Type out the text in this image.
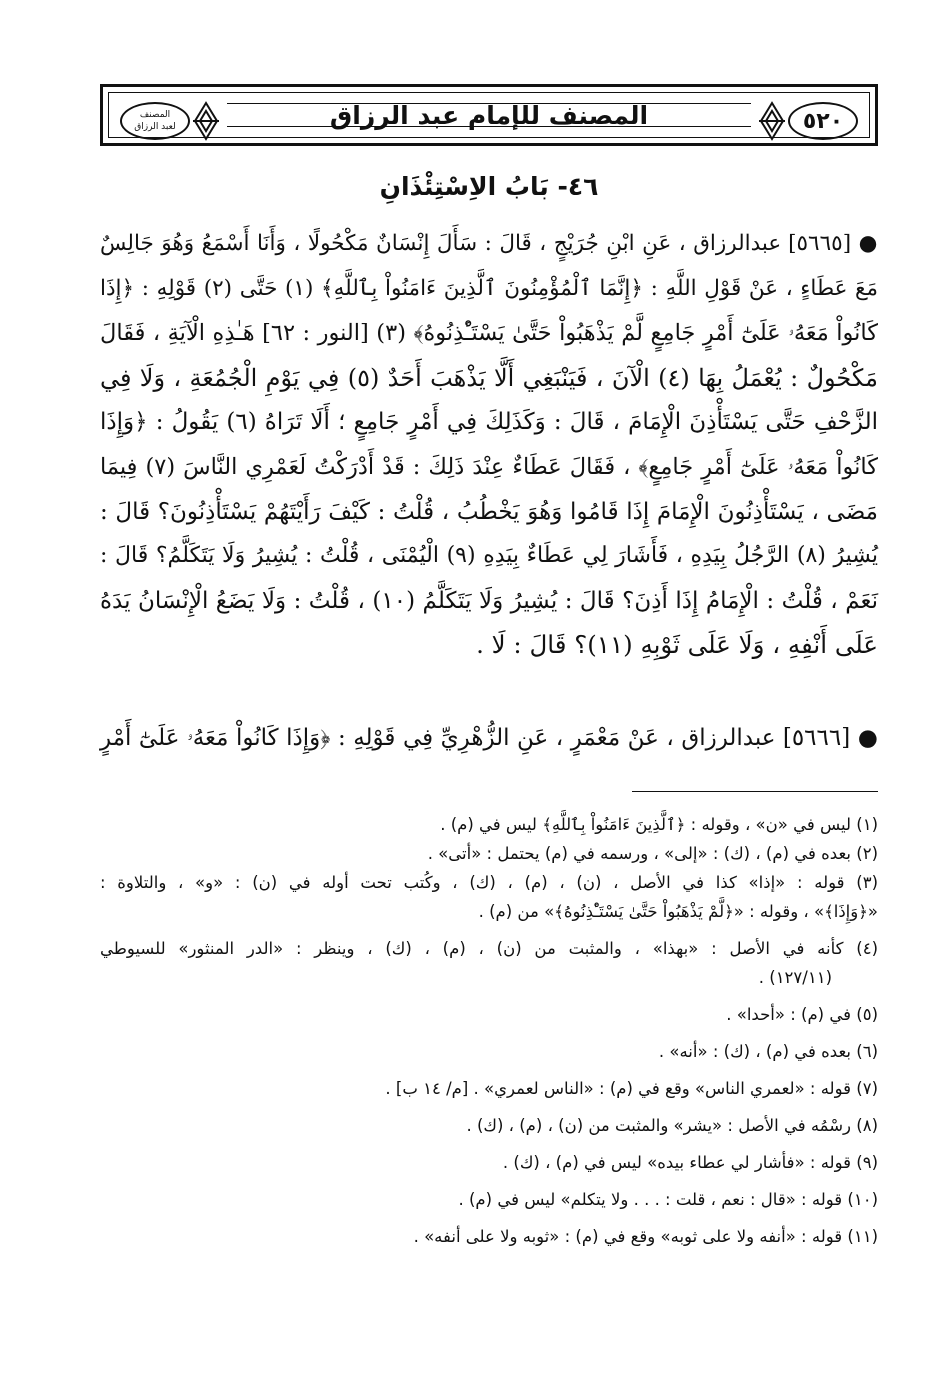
٥٢٠
المصنف للإمام عبد الرزاق
المصنف
لعبد الرزاق
٤٦- بَابُ الاِسْتِئْذَانِ
● [٥٦٦٥] عبدالرزاق ، عَنِ ابْنِ جُرَيْجٍ ، قَالَ : سَأَلَ إِنْسَانٌ مَكْحُولًا ، وَأَنَا أَسْمَعُ وَهُوَ جَالِسٌ
مَعَ عَطَاءٍ ، عَنْ قَوْلِ اللَّهِ : ﴿إِنَّمَا ٱلْمُؤْمِنُونَ ٱلَّذِينَ ءَامَنُواْ بِٱللَّهِ﴾ (١) حَتَّى (٢) قَوْلِهِ : ﴿إِذَا
كَانُواْ مَعَهُۥ عَلَىٰٓ أَمْرٍ جَامِعٍ لَّمْ يَذْهَبُواْ حَتَّىٰ يَسْتَـْٔذِنُوهُ﴾ (٣) [النور : ٦٢] هَـٰذِهِ الْآيَةِ ، فَقَالَ
مَكْحُولٌ : يُعْمَلُ بِهَا (٤) الْآنَ ، فَيَنْبَغِي أَلَّا يَذْهَبَ أَحَدٌ (٥) فِي يَوْمِ الْجُمُعَةِ ، وَلَا فِي
الزَّحْفِ حَتَّى يَسْتَأْذِنَ الْإِمَامَ ، قَالَ : وَكَذَلِكَ فِي أَمْرٍ جَامِعٍ ؛ أَلَا تَرَاهُ (٦) يَقُولُ : ﴿وَإِذَا
كَانُواْ مَعَهُۥ عَلَىٰٓ أَمْرٍ جَامِعٍ﴾ ، فَقَالَ عَطَاءٌ عِنْدَ ذَلِكَ : قَدْ أَدْرَكْتُ لَعَمْرِي النَّاسَ (٧) فِيمَا
مَضَى ، يَسْتَأْذِنُونَ الْإِمَامَ إِذَا قَامُوا وَهُوَ يَخْطُبُ ، قُلْتُ : كَيْفَ رَأَيْتَهُمْ يَسْتَأْذِنُونَ؟ قَالَ :
يُشِيرُ (٨) الرَّجُلُ بِيَدِهِ ، فَأَشَارَ لِي عَطَاءٌ بِيَدِهِ (٩) الْيُمْنَى ، قُلْتُ : يُشِيرُ وَلَا يَتَكَلَّمُ؟ قَالَ :
نَعَمْ ، قُلْتُ : الْإِمَامُ إِذَا أَذِنَ؟ قَالَ : يُشِيرُ وَلَا يَتَكَلَّمُ (١٠) ، قُلْتُ : وَلَا يَضَعُ الْإِنْسَانُ يَدَهُ
عَلَى أَنْفِهِ ، وَلَا عَلَى ثَوْبِهِ (١١)؟ قَالَ : لَا .
● [٥٦٦٦] عبدالرزاق ، عَنْ مَعْمَرٍ ، عَنِ الزُّهْرِيِّ فِي قَوْلِهِ : ﴿وَإِذَا كَانُواْ مَعَهُۥ عَلَىٰٓ أَمْرٍ
(١) ليس في «ن» ، وقوله : ﴿ٱلَّذِينَ ءَامَنُواْ بِٱللَّهِ﴾ ليس في (م) .
(٢) بعده في (م) ، (ك) : «إلى» ، ورسمه في (م) يحتمل : «أتى» .
(٣) قوله : «إذا» كذا في الأصل ، (ن) ، (م) ، (ك) ، وكُتب تحت أوله في (ن) : «و» ، والتلاوة :
«﴿وَإِذَا﴾» ، وقوله : «﴿لَّمْ يَذْهَبُواْ حَتَّىٰ يَسْتَـْٔذِنُوهُ﴾» من (م) .
(٤) كأنه في الأصل : «بهذا» ، والمثبت من (ن) ، (م) ، (ك) ، وينظر : «الدر المنثور» للسيوطي
(١٢٧/١١) .
(٥) في (م) : «أحدا» .
(٦) بعده في (م) ، (ك) : «أنه» .
(٧) قوله : «لعمري الناس» وقع في (م) : «الناس لعمري» . [م/ ١٤ ب] .
(٨) رسْمُه في الأصل : «يشر» والمثبت من (ن) ، (م) ، (ك) .
(٩) قوله : «فأشار لي عطاء بيده» ليس في (م) ، (ك) .
(١٠) قوله : «قال : نعم ، قلت : . . . ولا يتكلم» ليس في (م) .
(١١) قوله : «أنفه ولا على ثوبه» وقع في (م) : «ثوبه ولا على أنفه» .
